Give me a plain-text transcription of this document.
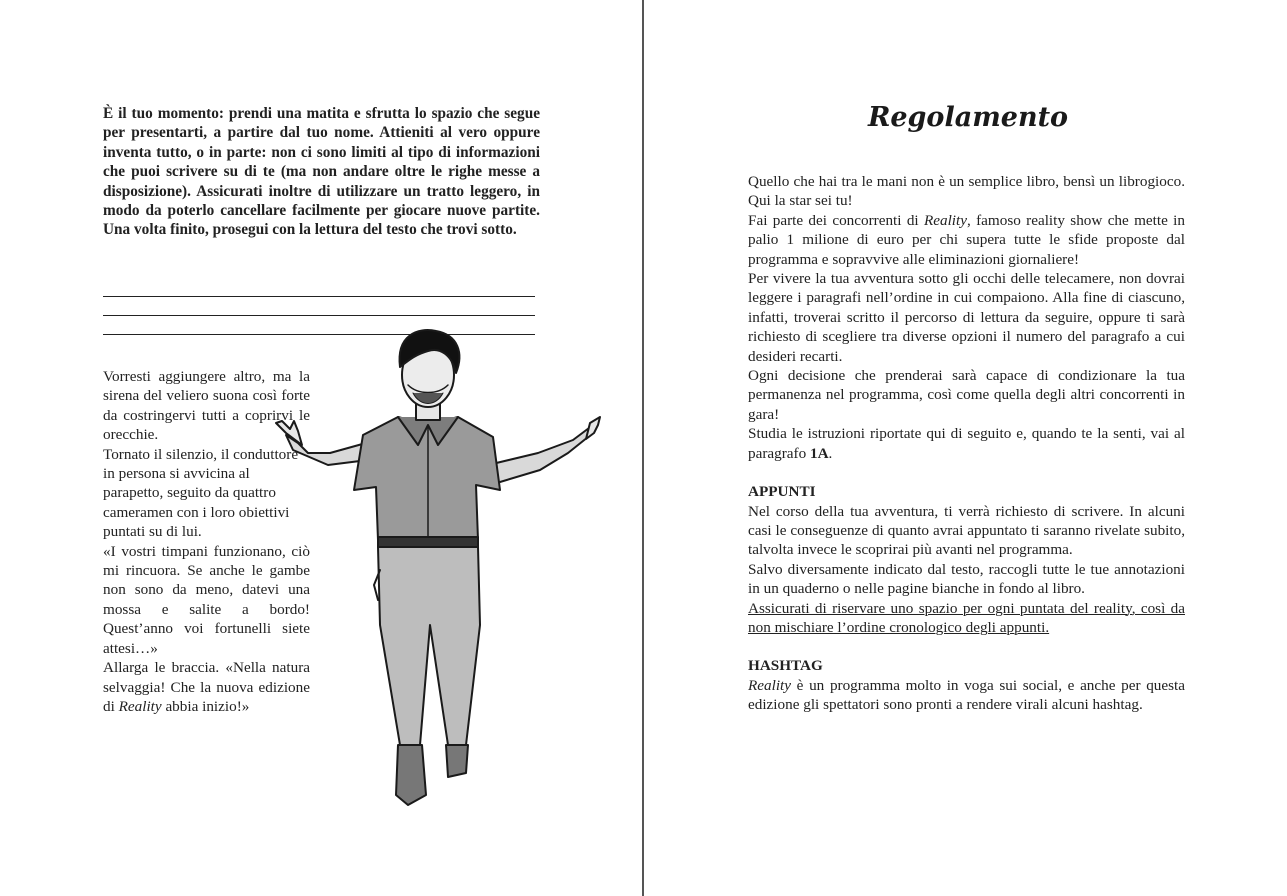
È il tuo momento: prendi una matita e sfrutta lo spazio che segue per presentarti, a partire dal tuo nome. Attieniti al vero oppure inventa tutto, o in parte: non ci sono limiti al tipo di informazioni che puoi scrivere su di te (ma non andare oltre le righe messe a disposizione). Assicurati inoltre di utilizzare un tratto leggero, in modo da poterlo cancellare facilmente per giocare nuove partite. Una volta finito, prosegui con la lettura del testo che trovi sotto.

Vorresti aggiungere altro, ma la sirena del veliero suona così forte da costringervi tutti a coprirvi le orecchie.

Tornato il silenzio, il conduttore in persona si avvicina al parapetto, seguito da quattro cameramen con i loro obiettivi puntati su di lui.

«I vostri timpani funzionano, ciò mi rincuora. Se anche le gambe non sono da meno, datevi una mossa e salite a bordo! Quest’anno voi fortunelli siete attesi…»

Allarga le braccia. «Nella natura selvaggia! Che la nuova edizione di Reality abbia inizio!»

Regolamento

Quello che hai tra le mani non è un semplice libro, bensì un librogioco. Qui la star sei tu!

Fai parte dei concorrenti di Reality, famoso reality show che mette in palio 1 milione di euro per chi supera tutte le sfide proposte dal programma e sopravvive alle eliminazioni giornaliere!

Per vivere la tua avventura sotto gli occhi delle telecamere, non dovrai leggere i paragrafi nell’ordine in cui compaiono. Alla fine di ciascuno, infatti, troverai scritto il percorso di lettura da seguire, oppure ti sarà richiesto di scegliere tra diverse opzioni il numero del paragrafo a cui desideri recarti.

Ogni decisione che prenderai sarà capace di condizionare la tua permanenza nel programma, così come quella degli altri concorrenti in gara!

Studia le istruzioni riportate qui di seguito e, quando te la senti, vai al paragrafo 1A.

APPUNTI

Nel corso della tua avventura, ti verrà richiesto di scrivere. In alcuni casi le conseguenze di quanto avrai appuntato ti saranno rivelate subito, talvolta invece le scoprirai più avanti nel programma.

Salvo diversamente indicato dal testo, raccogli tutte le tue annotazioni in un quaderno o nelle pagine bianche in fondo al libro.

Assicurati di riservare uno spazio per ogni puntata del reality, così da non mischiare l’ordine cronologico degli appunti.

HASHTAG

Reality è un programma molto in voga sui social, e anche per questa edizione gli spettatori sono pronti a rendere virali alcuni hashtag.
